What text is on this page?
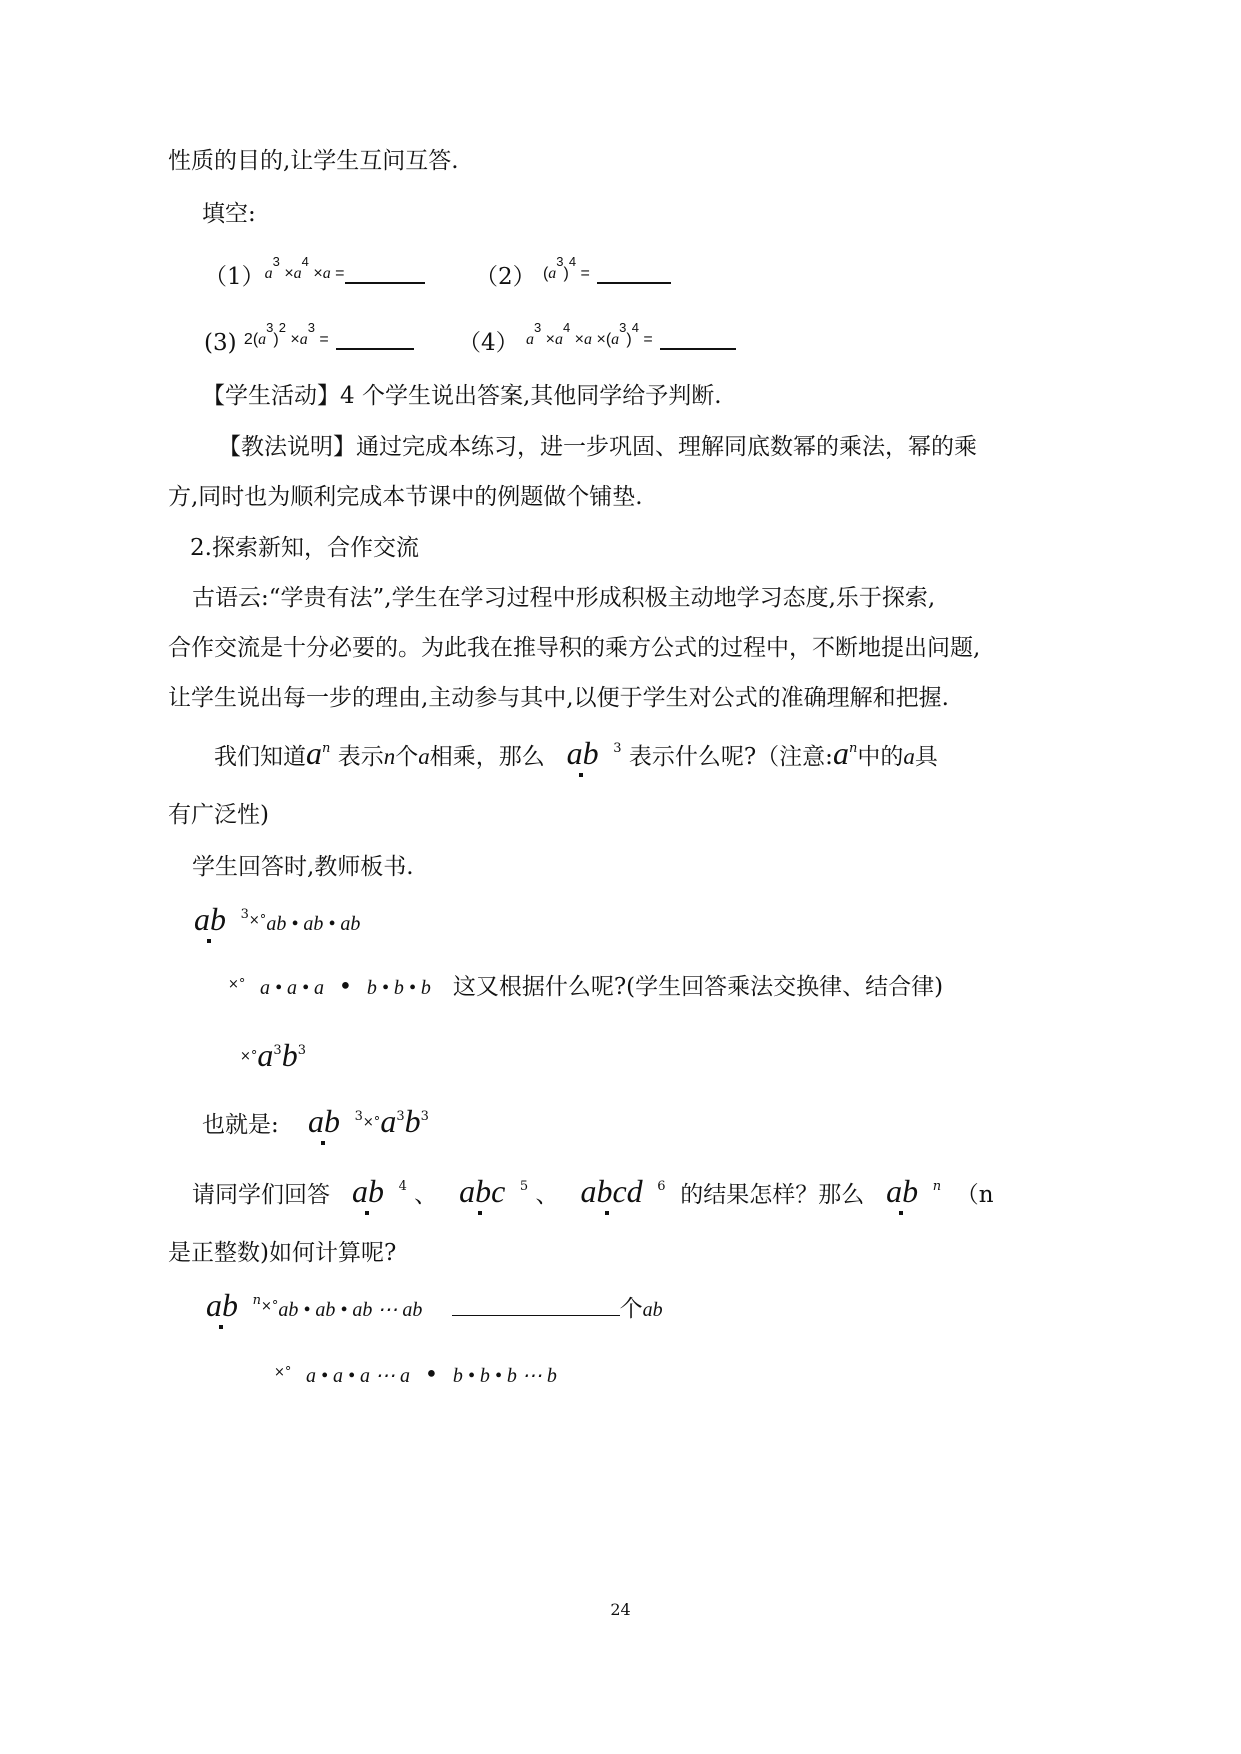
性质的目的,让学生互问互答.
填空:
$(1)^{a^3 \times a^4 \times a =}$	（2） $^{(a^3)^4 =}$
(3) $^{2(a^3)^2 \times a^3 =}$	（4） $^{a^3 \times a^4 \times a \times(a^3)^4 =}$
【学生活动】4 个学生说出答案,其他同学给予判断.
【教法说明】通过完成本练习，进一步巩固、理解同底数幂的乘法，幂的乘
方,同时也为顺利完成本节课中的例题做个铺垫.
2.探索新知，合作交流
古语云:“学贵有法”,学生在学习过程中形成积极主动地学习态度,乐于探索,
合作交流是十分必要的。为此我在推导积的乘方公式的过程中，不断地提出问题,
让学生说出每一步的理由,主动参与其中,以便于学生对公式的准确理解和把握.
我们知道$a^n$ 表示n个a相乘，那么 ab $^3$ 表示什么呢?（注意$:a^n$中的a具
有广泛性)
学生回答时,教师板书.
ab $^{3\times^\circ}$ab • ab • ab
×° a • a • a • b • b • b 这又根据什么呢?(学生回答乘法交换律、结合律)
$^{\times^\circ}a^3b^3$
也就是: ab $^{3\times^\circ}a^3b^3$
请同学们回答 ab $^4$ 、 abc $^5$ 、 abcd $^6$ 的结果怎样？那么 ab $^n$ （n
是正整数)如何计算呢?
ab $^{n\times^\circ}$ab • ab • ab ⋯ ab	个ab
×° a • a • a ⋯ a • b • b • b ⋯ b
24
